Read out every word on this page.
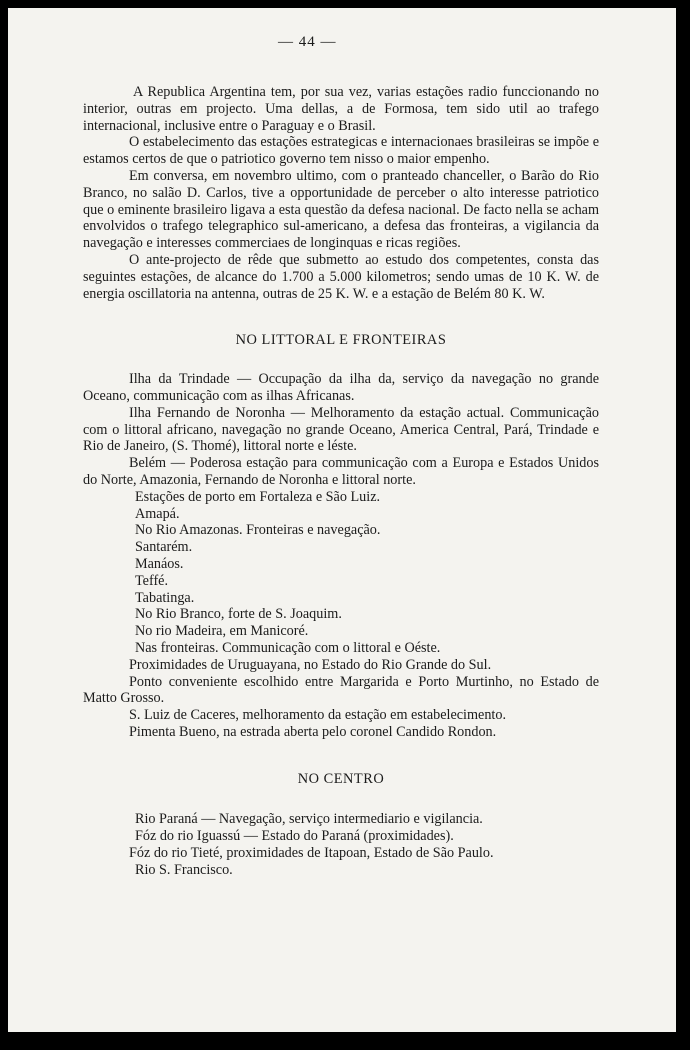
— 44 —

A Republica Argentina tem, por sua vez, varias estações radio funccionando no interior, outras em projecto. Uma dellas, a de Formosa, tem sido util ao trafego internacional, inclusive entre o Paraguay e o Brasil.

O estabelecimento das estações estrategicas e internacionaes brasileiras se impõe e estamos certos de que o patriotico governo tem nisso o maior empenho.

Em conversa, em novembro ultimo, com o pranteado chanceller, o Barão do Rio Branco, no salão D. Carlos, tive a opportunidade de perceber o alto interesse patriotico que o eminente brasileiro ligava a esta questão da defesa nacional. De facto nella se acham envolvidos o trafego telegraphico sul-americano, a defesa das fronteiras, a vigilancia da navegação e interesses commerciaes de longinquas e ricas regiões.

O ante-projecto de rêde que submetto ao estudo dos competentes, consta das seguintes estações, de alcance do 1.700 a 5.000 kilometros; sendo umas de 10 K. W. de energia oscillatoria na antenna, outras de 25 K. W. e a estação de Belém 80 K. W.

NO LITTORAL E FRONTEIRAS

Ilha da Trindade — Occupação da ilha da, serviço da navegação no grande Oceano, communicação com as ilhas Africanas.

Ilha Fernando de Noronha — Melhoramento da estação actual. Communicação com o littoral africano, navegação no grande Oceano, America Central, Pará, Trindade e Rio de Janeiro, (S. Thomé), littoral norte e léste.

Belém — Poderosa estação para communicação com a Europa e Estados Unidos do Norte, Amazonia, Fernando de Noronha e littoral norte.

Estações de porto em Fortaleza e São Luiz.

Amapá.

No Rio Amazonas. Fronteiras e navegação.

Santarém.

Manáos.

Teffé.

Tabatinga.

No Rio Branco, forte de S. Joaquim.

No rio Madeira, em Manicoré.

Nas fronteiras. Communicação com o littoral e Oéste.

Proximidades de Uruguayana, no Estado do Rio Grande do Sul.

Ponto conveniente escolhido entre Margarida e Porto Murtinho, no Estado de Matto Grosso.

S. Luiz de Caceres, melhoramento da estação em estabelecimento.

Pimenta Bueno, na estrada aberta pelo coronel Candido Rondon.

NO CENTRO

Rio Paraná — Navegação, serviço intermediario e vigilancia.

Fóz do rio Iguassú — Estado do Paraná (proximidades).

Fóz do rio Tieté, proximidades de Itapoan, Estado de São Paulo.

Rio S. Francisco.
